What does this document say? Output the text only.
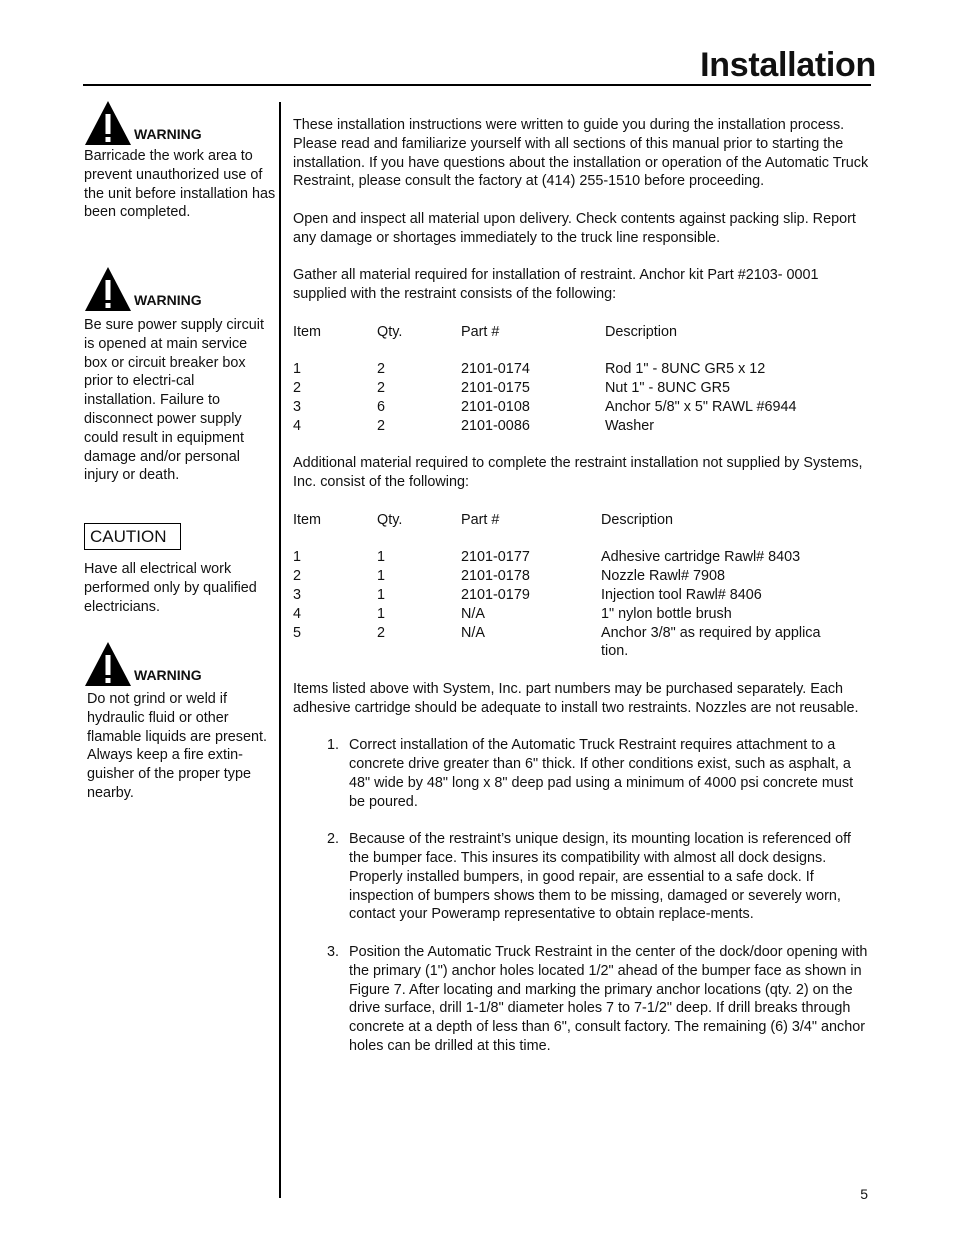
Installation
WARNING

Barricade the work area to prevent unauthorized use of the unit before installation has been completed.

WARNING

Be sure power supply circuit is opened at main service box or circuit breaker box prior to electri-cal installation. Failure to disconnect power supply could result in equipment damage and/or personal injury or death.

CAUTION

Have all electrical work performed only by qualified electricians.

WARNING

Do not grind or weld if hydraulic fluid or other flamable liquids are present. Always keep a fire extin-guisher of the proper type nearby.

These installation instructions were written to guide you during the installation process. Please read and familiarize yourself with all sections of this manual prior to starting the installation. If you have questions about the installation or operation of the Automatic Truck Restraint, please consult the factory at (414) 255-1510 before proceeding.

Open and inspect all material upon delivery. Check contents against packing slip. Report any damage or shortages immediately to the truck line responsible.

Gather all material required for installation of restraint. Anchor kit Part #2103- 0001 supplied with the restraint consists of the following:

Item	Qty.	Part #	Description
1	2	2101-0174	Rod 1" - 8UNC GR5 x 12
2	2	2101-0175	Nut 1" - 8UNC GR5
3	6	2101-0108	Anchor 5/8" x 5" RAWL #6944
4	2	2101-0086	Washer

Additional material required to complete the restraint installation not supplied by Systems, Inc. consist of the following:

Item	Qty.	Part #	Description
1	1	2101-0177	Adhesive cartridge Rawl# 8403
2	1	2101-0178	Nozzle Rawl# 7908
3	1	2101-0179	Injection tool Rawl# 8406
4	1	N/A	1" nylon bottle brush
5	2	N/A	Anchor 3/8" as required by applica tion.

Items listed above with System, Inc. part numbers may be purchased separately. Each adhesive cartridge should be adequate to install two restraints. Nozzles are not reusable.

1. Correct installation of the Automatic Truck Restraint requires attachment to a concrete drive greater than 6" thick. If other conditions exist, such as asphalt, a 48" wide by 48" long x 8" deep pad using a minimum of 4000 psi concrete must be poured.
2. Because of the restraint’s unique design, its mounting location is referenced off the bumper face. This insures its compatibility with almost all dock designs. Properly installed bumpers, in good repair, are essential to a safe dock. If inspection of bumpers shows them to be missing, damaged or severely worn, contact your Poweramp representative to obtain replace-ments.
3. Position the Automatic Truck Restraint in the center of the dock/door opening with the primary (1") anchor holes located 1/2" ahead of the bumper face as shown in Figure 7. After locating and marking the primary anchor locations (qty. 2) on the drive surface, drill 1-1/8" diameter holes 7 to 7-1/2" deep. If drill breaks through concrete at a depth of less than 6", consult factory. The remaining (6) 3/4" anchor holes can be drilled at this time.
5
